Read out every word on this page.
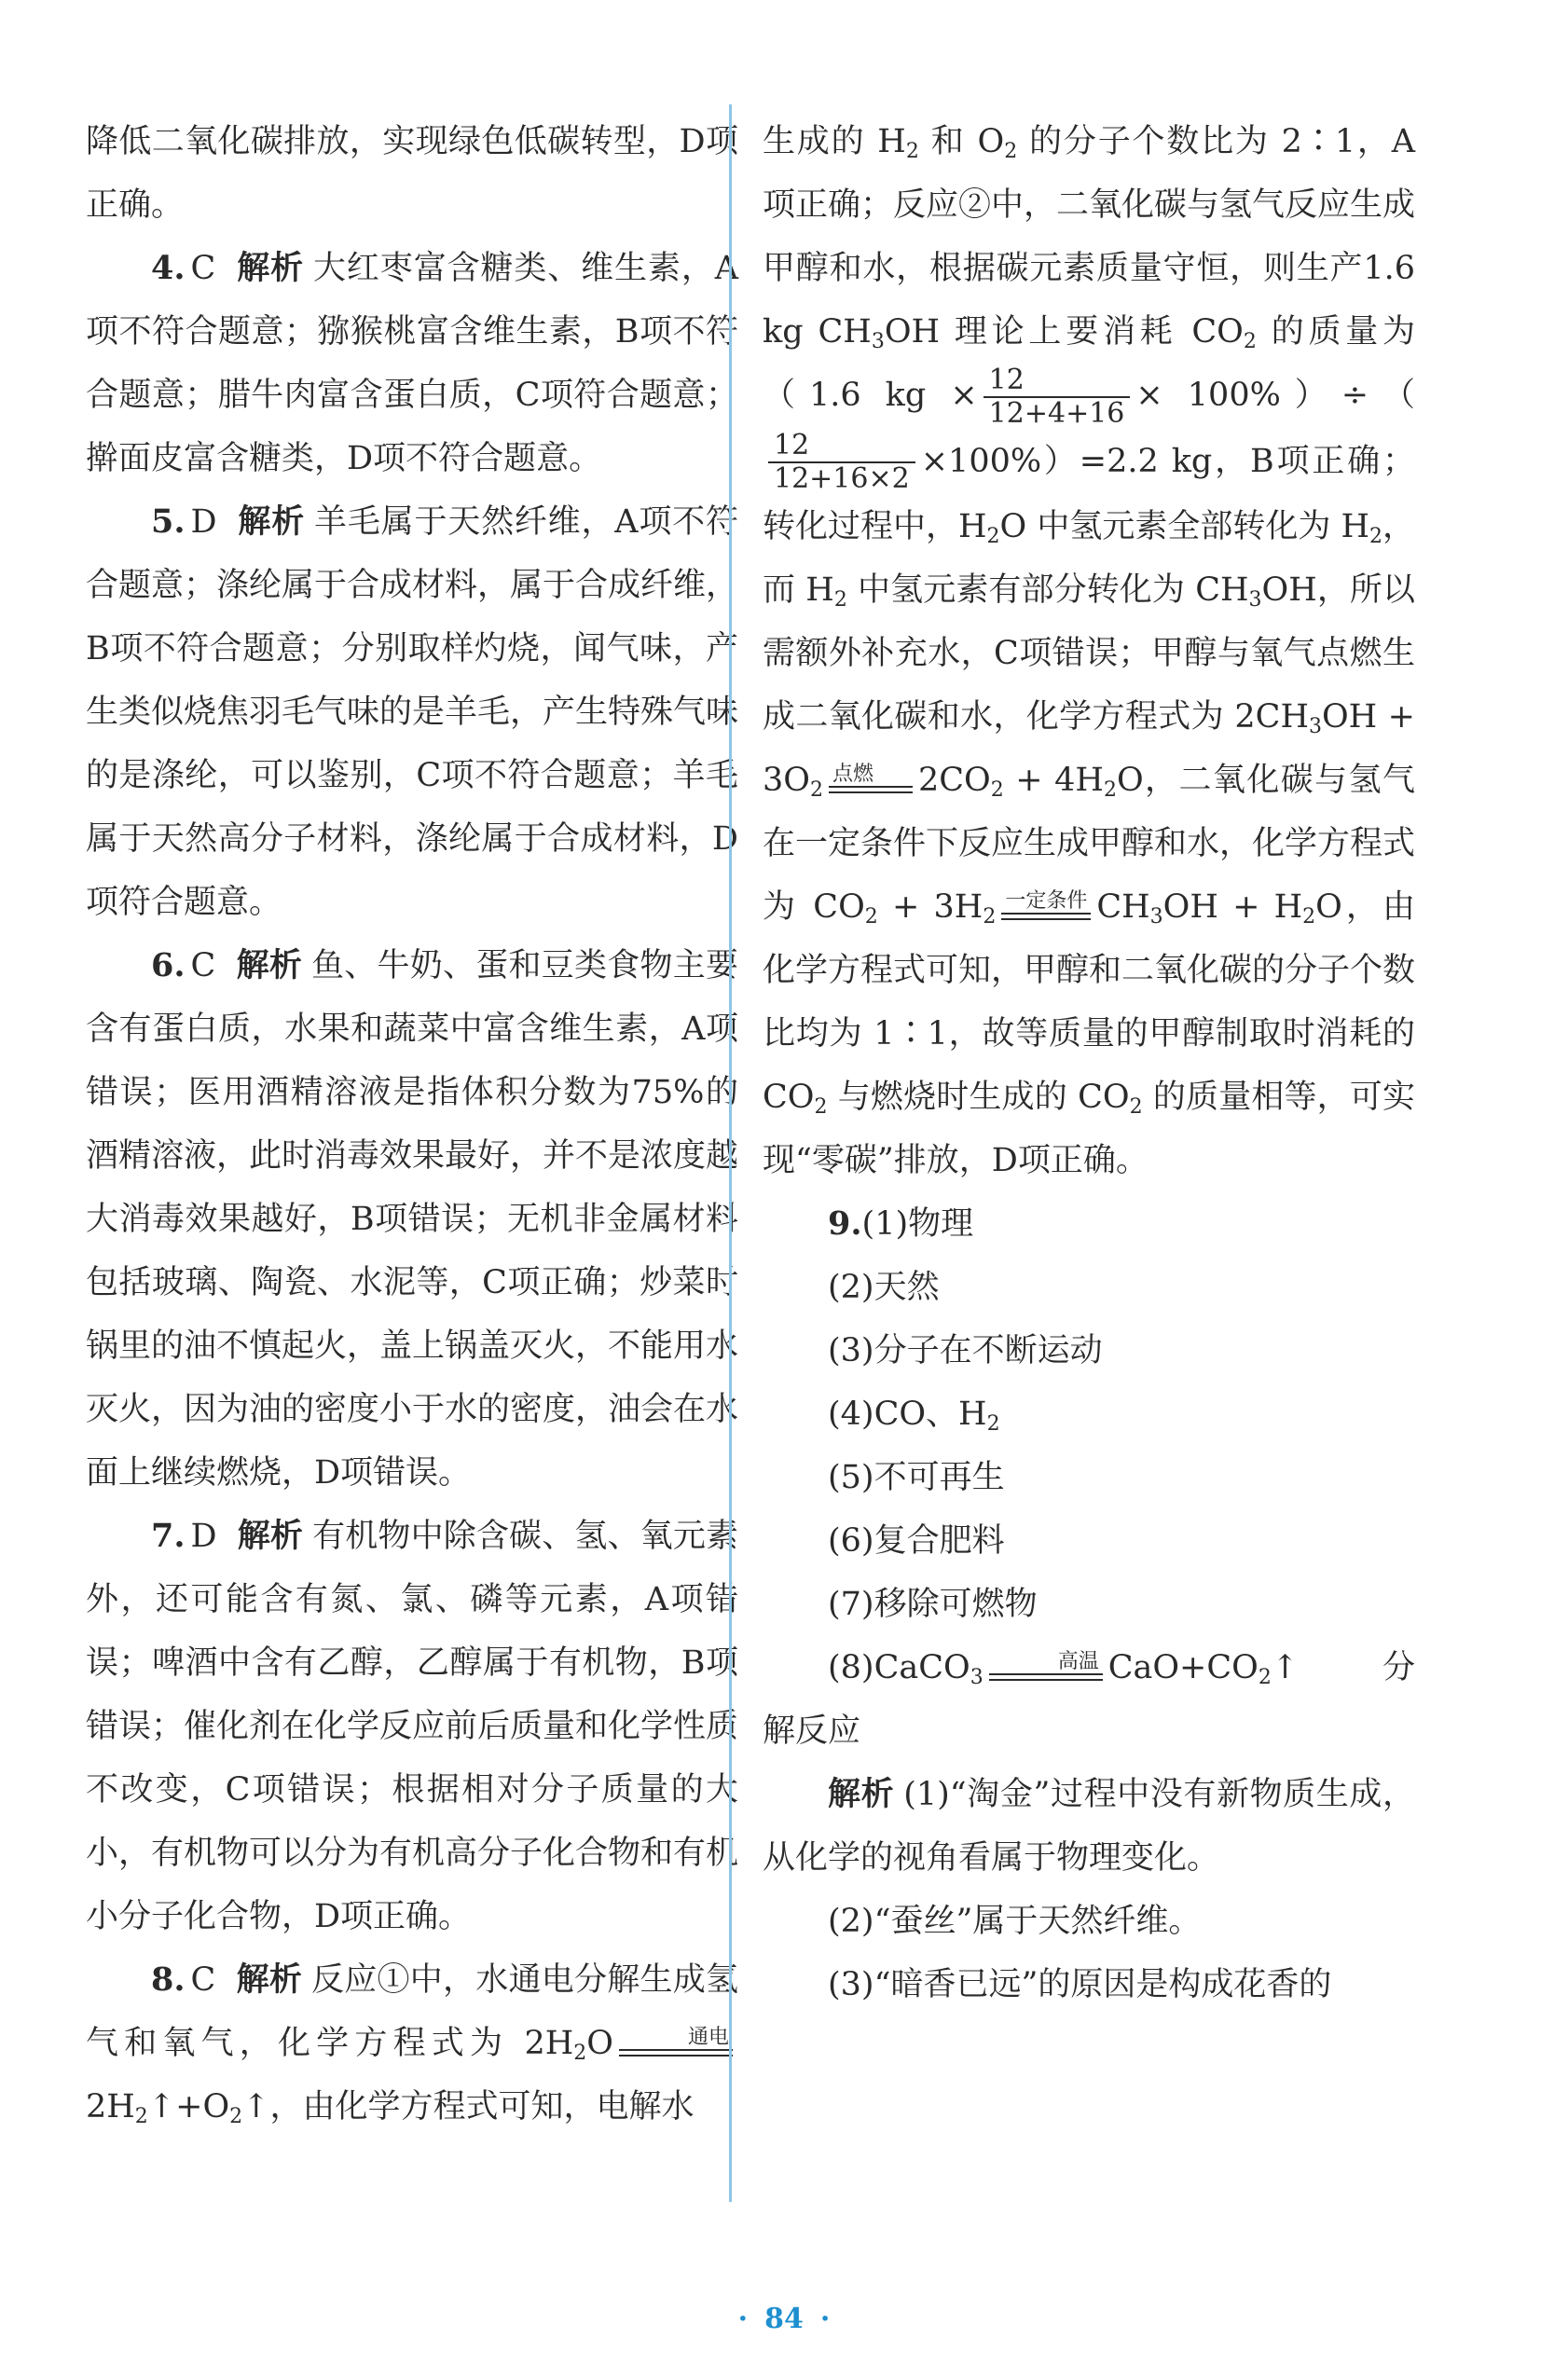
降低二氧化碳排放，实现绿色低碳转型，D项正确。

4. C 解析 大红枣富含糖类、维生素，A项不符合题意；猕猴桃富含维生素，B项不符合题意；腊牛肉富含蛋白质，C项符合题意；擀面皮富含糖类，D项不符合题意。

5. D 解析 羊毛属于天然纤维，A项不符合题意；涤纶属于合成材料，属于合成纤维，B项不符合题意；分别取样灼烧，闻气味，产生类似烧焦羽毛气味的是羊毛，产生特殊气味的是涤纶，可以鉴别，C项不符合题意；羊毛属于天然高分子材料，涤纶属于合成材料，D项符合题意。

6. C 解析 鱼、牛奶、蛋和豆类食物主要含有蛋白质，水果和蔬菜中富含维生素，A项错误；医用酒精溶液是指体积分数为75%的酒精溶液，此时消毒效果最好，并不是浓度越大消毒效果越好，B项错误；无机非金属材料包括玻璃、陶瓷、水泥等，C项正确；炒菜时锅里的油不慎起火，盖上锅盖灭火，不能用水灭火，因为油的密度小于水的密度，油会在水面上继续燃烧，D项错误。

7. D 解析 有机物中除含碳、氢、氧元素外，还可能含有氮、氯、磷等元素，A项错误；啤酒中含有乙醇，乙醇属于有机物，B项错误；催化剂在化学反应前后质量和化学性质不改变，C项错误；根据相对分子质量的大小，有机物可以分为有机高分子化合物和有机小分子化合物，D项正确。

8. C 解析 反应①中，水通电分解生成氢气和氧气，化学方程式为 $2H_2O$	通电
$2H_2↑+O_2↑$，由化学方程式可知，电解水

生成的 $H_2$ 和 $O_2$ 的分子个数比为 2∶1，A项正确；反应②中，二氧化碳与氢气反应生成甲醇和水，根据碳元素质量守恒，则生产1.6 kg $CH_3OH$ 理论上要消耗 $CO_2$ 的质量为（1.6 kg × $\frac{12}{12+4+16} \times 100\%)\div$（
$\frac{12}{12+16\times 2} \times 100\%)=2.2$ kg，B项正确；转化过程中，$H_2O$ 中氢元素全部转化为 $H_2$，而 $H_2$ 中氢元素有部分转化为 $CH_3OH$，所以需额外补充水，C项错误；甲醇与氧气点燃生成二氧化碳和水，化学方程式为 $2CH_3OH + 3O_2$
点燃	$2CO_2 + 4H_2O$，二氧化碳与氢气在一定条件下反应生成甲醇和水，化学方程式为 $CO_2 + 3H_2$
一定条件 $CH_3OH + H_2O$，由化学方程式可知，甲醇和二氧化碳的分子个数比均为 1∶1，故等质量的甲醇制取时消耗的 $CO_2$ 与燃烧时生成的 $CO_2$ 的质量相等，可实现“零碳”排放，D项正确。

9.(1)物理

(2)天然

(3)分子在不断运动

(4)CO、$H_2$

(5)不可再生

(6)复合肥料

(7)移除可燃物

(8)CaCO$_3$
高温 $CaO+CO_2↑$　　分解反应

解析 (1)“淘金”过程中没有新物质生成，从化学的视角看属于物理变化。

(2)“蚕丝”属于天然纤维。

(3)“暗香已远”的原因是构成花香的

· 84 ·
